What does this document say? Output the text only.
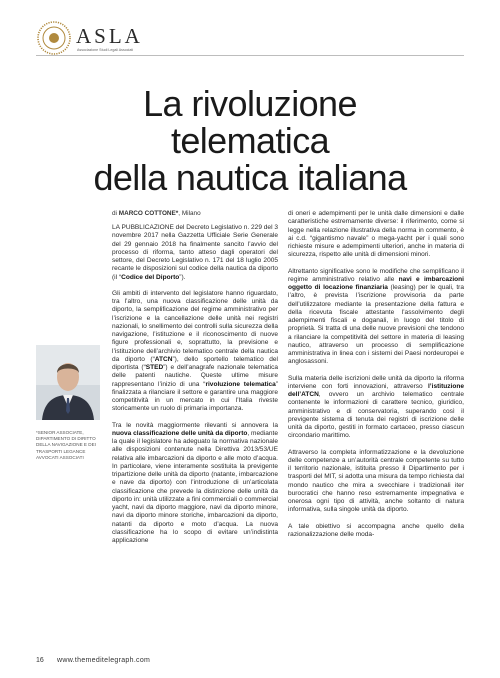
ASLA
Associazione Studi Legali Associati
La rivoluzione
telematica
della nautica italiana
di MARCO COTTONE*, Milano
*SENIOR ASSOCIATE, DIPARTIMENTO DI DIRITTO DELLA NAVIGAZIONE E DEI TRASPORTI LEGANCE AVVOCATI ASSOCIATI

LA PUBBLICAZIONE del Decreto Legislativo n. 229 del 3 novembre 2017 nella Gazzetta Ufficiale Serie Generale del 29 gennaio 2018 ha finalmente sancito l’avvio del processo di riforma, tanto atteso dagli operatori del settore, del Decreto Legislativo n. 171 del 18 luglio 2005 recante le disposizioni sul codice della nautica da diporto (il “Codice del Diporto”).

Gli ambiti di intervento del legislatore hanno riguardato, tra l’altro, una nuova classificazione delle unità da diporto, la semplificazione del regime amministrativo per l’iscrizione e la cancellazione delle unità nei registri nazionali, lo snellimento dei controlli sulla sicurezza della navigazione, l’istituzione e il riconoscimento di nuove figure professionali e, soprattutto, la previsione e l’istituzione dell’archivio telematico centrale della nautica da diporto (“ATCN”), dello sportello telematico del diportista (“STED”) e dell’anagrafe nazionale telematica delle patenti nautiche. Queste ultime misure rappresentano l’inizio di una “rivoluzione telematica” finalizzata a rilanciare il settore e garantire una maggiore competitività in un mercato in cui l’Italia riveste storicamente un ruolo di primaria importanza.

Tra le novità maggiormente rilevanti si annovera la nuova classificazione delle unità da diporto, mediante la quale il legislatore ha adeguato la normativa nazionale alle disposizioni contenute nella Direttiva 2013/53/UE relativa alle imbarcazioni da diporto e alle moto d’acqua. In particolare, viene interamente sostituita la previgente tripartizione delle unità da diporto (natante, imbarcazione e nave da diporto) con l’introduzione di un’articolata classificazione che prevede la distinzione delle unità da diporto in: unità utilizzate a fini commerciali o commercial yacht, navi da diporto maggiore, navi da diporto minore, navi da diporto minore storiche, imbarcazioni da diporto, natanti da diporto e moto d’acqua. La nuova classificazione ha lo scopo di evitare un’indistinta applicazione

di oneri e adempimenti per le unità dalle dimensioni e dalle caratteristiche estremamente diverse: il riferimento, come si legge nella relazione illustrativa della norma in commento, è ai c.d. “gigantismo navale” o mega-yacht per i quali sono richieste misure e adempimenti ulteriori, anche in materia di sicurezza, rispetto alle unità di dimensioni minori.

Altrettanto significative sono le modifiche che semplificano il regime amministrativo relativo alle navi e imbarcazioni oggetto di locazione finanziaria (leasing) per le quali, tra l’altro, è prevista l’iscrizione provvisoria da parte dell’utilizzatore mediante la presentazione della fattura e della ricevuta fiscale attestante l’assolvimento degli adempimenti fiscali e doganali, in luogo del titolo di proprietà. Si tratta di una delle nuove previsioni che tendono a rilanciare la competitività del settore in materia di leasing nautico, attraverso un processo di semplificazione amministrativa in linea con i sistemi dei Paesi nordeuropei e anglosassoni.

Sulla materia delle iscrizioni delle unità da diporto la riforma interviene con forti innovazioni, attraverso l’istituzione dell’ATCN, ovvero un archivio telematico centrale contenente le informazioni di carattere tecnico, giuridico, amministrativo e di conservatoria, superando così il previgente sistema di tenuta dei registri di iscrizione delle unità da diporto, gestiti in formato cartaceo, presso ciascun circondario marittimo.

Attraverso la completa informatizzazione e la devoluzione delle competenze a un’autorità centrale competente su tutto il territorio nazionale, istituita presso il Dipartimento per i trasporti del MIT, si adotta una misura da tempo richiesta dal mondo nautico che mira a svecchiare i tradizionali iter burocratici che hanno reso estremamente impegnativa e onerosa ogni tipo di attività, anche soltanto di natura informativa, sulla singole unità da diporto.

A tale obiettivo si accompagna anche quello della razionalizzazione delle moda-

16 www.themeditelegraph.com
